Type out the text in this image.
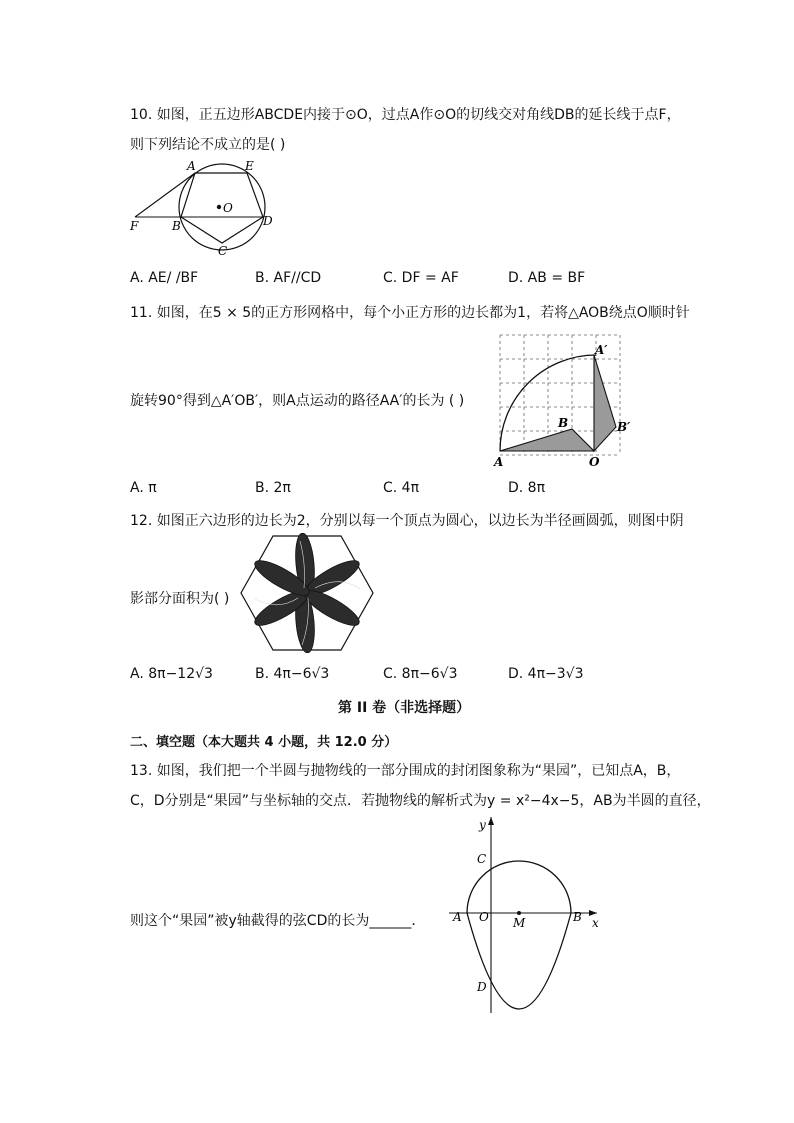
10. 如图，正五边形ABCDE内接于⊙O，过点A作⊙O的切线交对角线DB的延长线于点F，
则下列结论不成立的是( )
A	E
O
D
F	B
C
A. AE/ /BF	B. AF//CD	C. DF = AF	D. AB = BF
11. 如图，在5 × 5的正方形网格中，每个小正方形的边长都为1，若将△AOB绕点O顺时针
旋转90°得到△A′OB′，则A点运动的路径AA′的长为 ( )
A	O
B
A′
B′
A. π	B. 2π	C. 4π	D. 8π
12. 如图正六边形的边长为2，分别以每一个顶点为圆心，以边长为半径画圆弧，则图中阴
影部分面积为( )
A. 8π−12√3	B. 4π−6√3	C. 8π−6√3	D. 4π−3√3
第 II 卷（非选择题）
二、填空题（本大题共 4 小题，共 12.0 分）
13. 如图，我们把一个半圆与抛物线的一部分围成的封闭图象称为“果园”，已知点A，B，
C，D分别是“果园”与坐标轴的交点．若抛物线的解析式为y = x²−4x−5，AB为半圆的直径，
则这个“果园”被y轴截得的弦CD的长为______．
y
x
C
A O M	B
D
